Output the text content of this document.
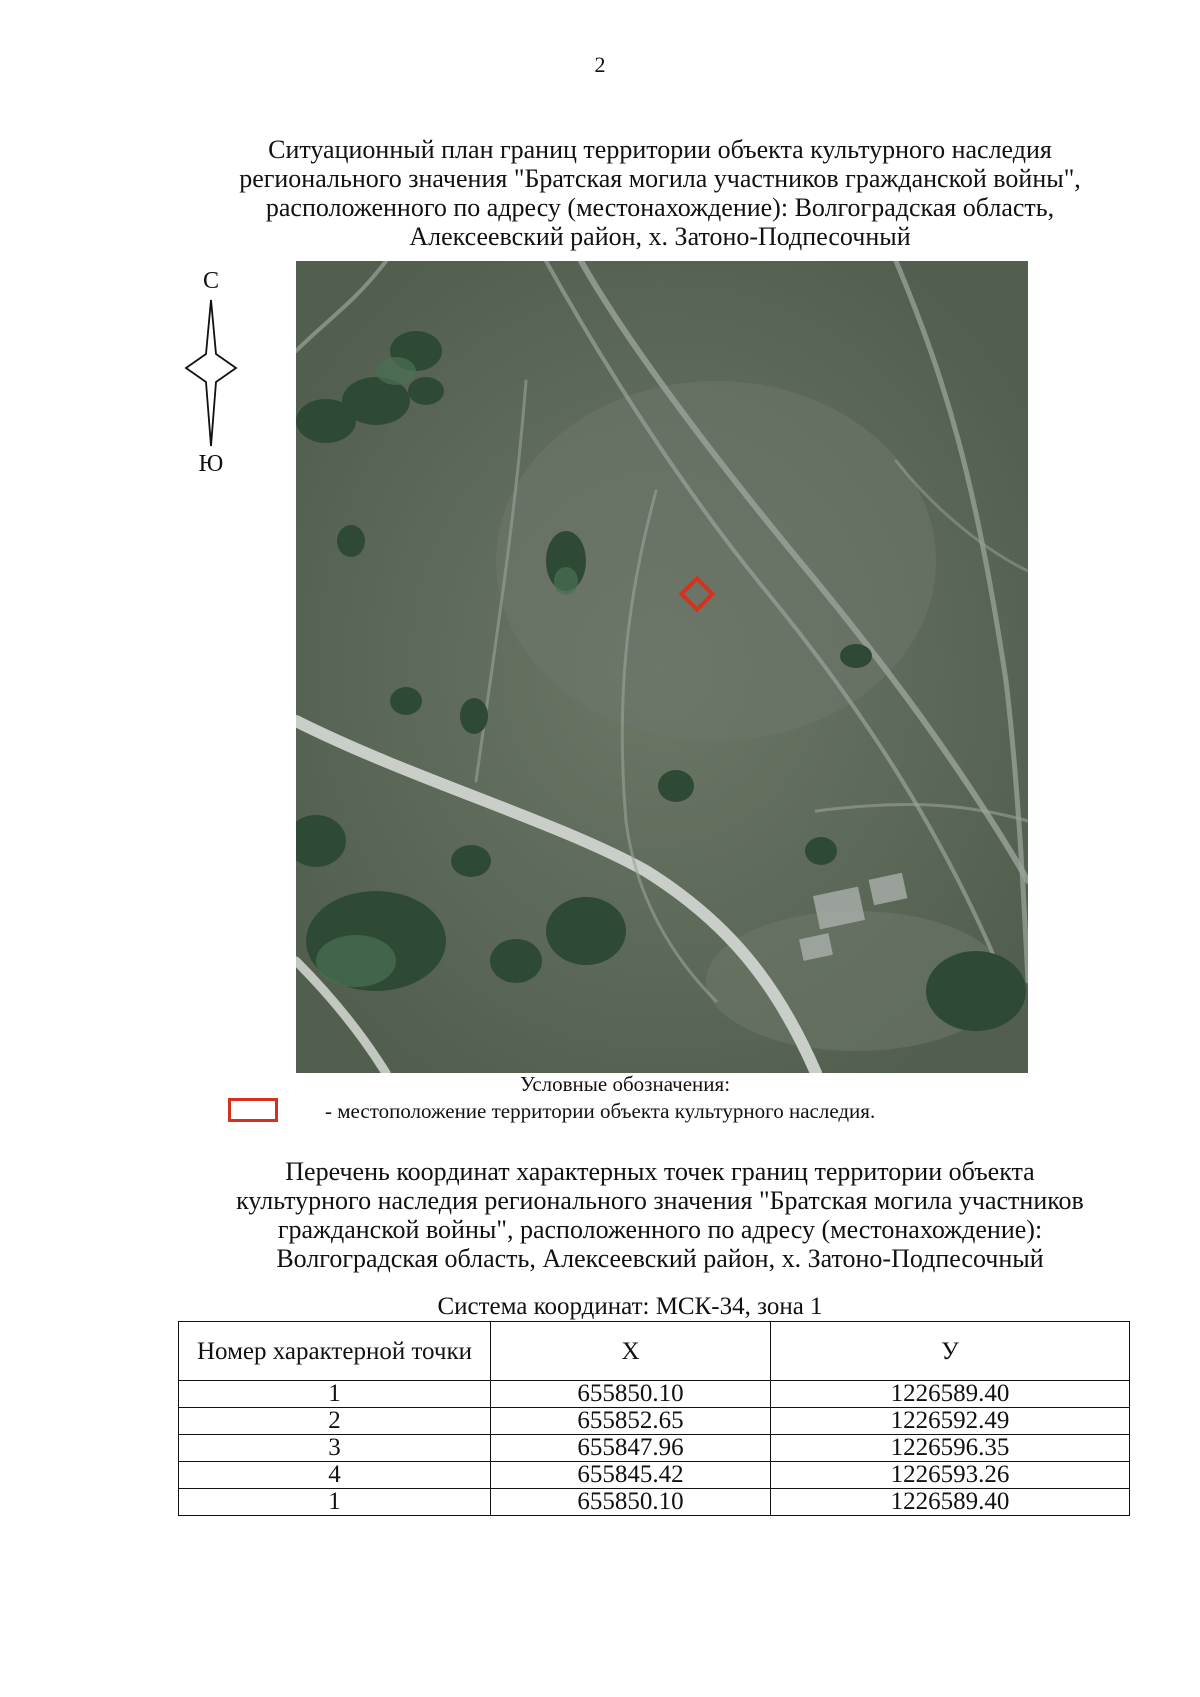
2
Ситуационный план границ территории объекта культурного наследия
регионального значения "Братская могила участников гражданской войны",
расположенного по адресу (местонахождение): Волгоградская область,
Алексеевский район, х. Затоно-Подпесочный
С
Ю
Условные обозначения:
- местоположение территории объекта культурного наследия.
Перечень координат характерных точек границ территории объекта
культурного наследия регионального значения "Братская могила участников
гражданской войны", расположенного по адресу (местонахождение):
Волгоградская область, Алексеевский район, х. Затоно-Подпесочный
Система координат: МСК-34, зона 1
Номер характерной точки	X	У
1	655850.10	1226589.40
2	655852.65	1226592.49
3	655847.96	1226596.35
4	655845.42	1226593.26
1	655850.10	1226589.40
